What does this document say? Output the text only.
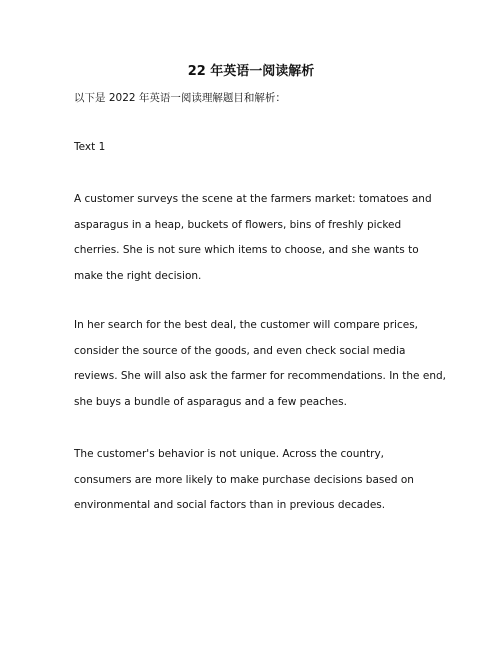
22 年英语一阅读解析
以下是 2022 年英语一阅读理解题目和解析：
Text 1

A customer surveys the scene at the farmers market: tomatoes and
asparagus in a heap, buckets of flowers, bins of freshly picked
cherries. She is not sure which items to choose, and she wants to
make the right decision.

In her search for the best deal, the customer will compare prices,
consider the source of the goods, and even check social media
reviews. She will also ask the farmer for recommendations. In the end,
she buys a bundle of asparagus and a few peaches.

The customer's behavior is not unique. Across the country,
consumers are more likely to make purchase decisions based on
environmental and social factors than in previous decades.
